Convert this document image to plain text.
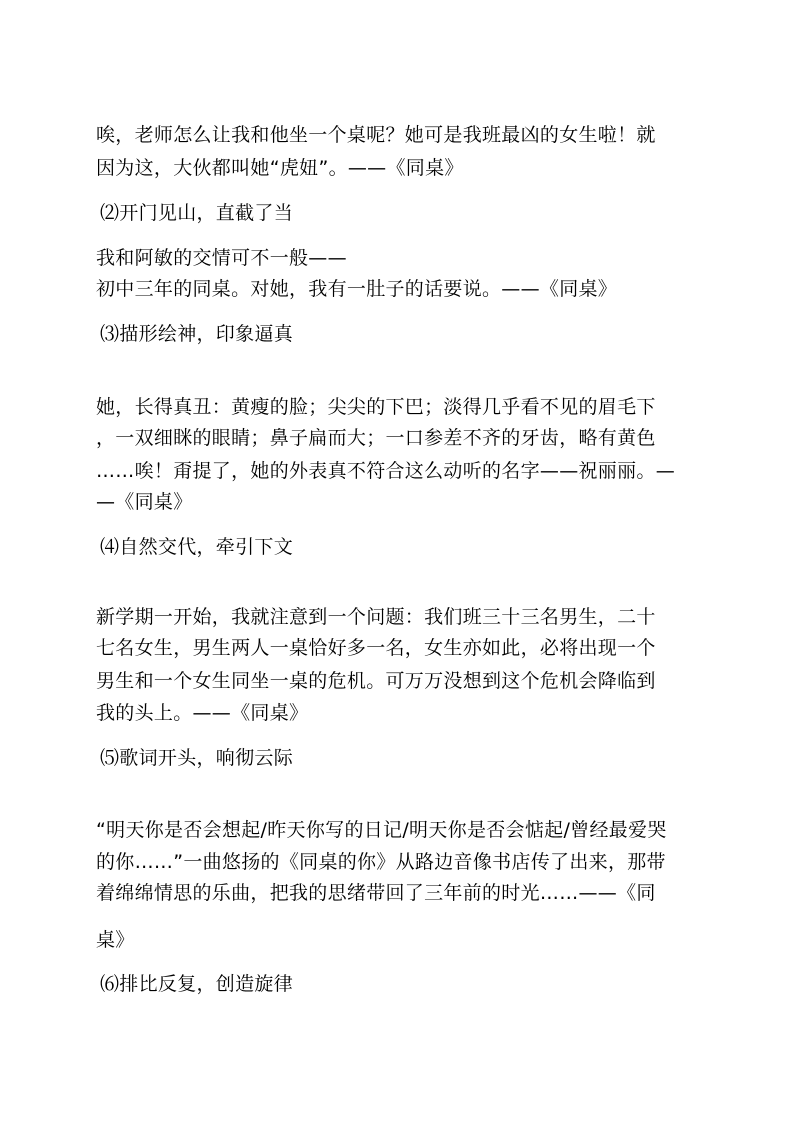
唉，老师怎么让我和他坐一个桌呢？她可是我班最凶的女生啦！就
因为这，大伙都叫她“虎妞”。——《同桌》
⑵开门见山，直截了当
我和阿敏的交情可不一般——
初中三年的同桌。对她，我有一肚子的话要说。——《同桌》
⑶描形绘神，印象逼真
她，长得真丑：黄瘦的脸；尖尖的下巴；淡得几乎看不见的眉毛下
，一双细眯的眼睛；鼻子扁而大；一口参差不齐的牙齿，略有黄色
……唉！甭提了，她的外表真不符合这么动听的名字——祝丽丽。—
—《同桌》
⑷自然交代，牵引下文
新学期一开始，我就注意到一个问题：我们班三十三名男生，二十
七名女生，男生两人一桌恰好多一名，女生亦如此，必将出现一个
男生和一个女生同坐一桌的危机。可万万没想到这个危机会降临到
我的头上。——《同桌》
⑸歌词开头，响彻云际
“明天你是否会想起/昨天你写的日记/明天你是否会惦起/曾经最爱哭
的你……”一曲悠扬的《同桌的你》从路边音像书店传了出来，那带
着绵绵情思的乐曲，把我的思绪带回了三年前的时光……——《同
桌》
⑹排比反复，创造旋律
